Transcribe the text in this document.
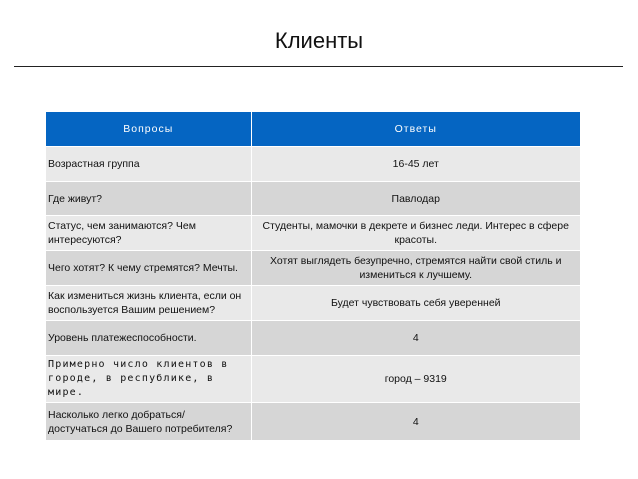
Клиенты
Вопросы	Ответы
Возрастная группа	16-45 лет
Где живут?	Павлодар
Статус, чем занимаются? Чем интересуются?	Студенты, мамочки в декрете и бизнес леди. Интерес в сфере красоты.
Чего хотят? К чему стремятся? Мечты.	Хотят выглядеть безупречно, стремятся найти свой стиль и измениться к лучшему.
Как измениться жизнь клиента, если он воспользуется Вашим решением?	Будет чувствовать себя уверенней
Уровень платежеспособности.	4
Примерно число клиентов в городе, в республике, в мире.	город – 9319
Насколько легко добраться/ достучаться до Вашего потребителя?	4
